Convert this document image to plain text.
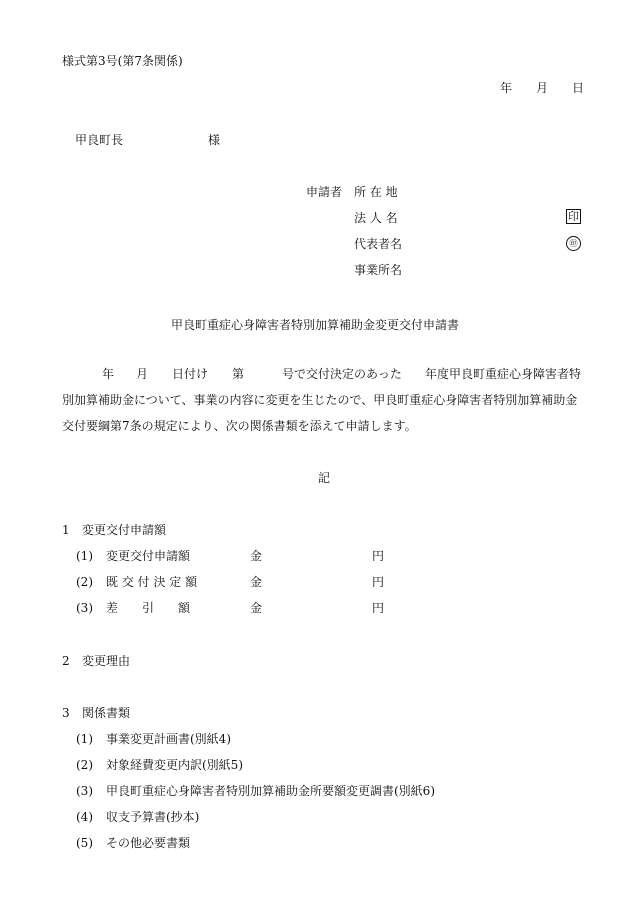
様式第3号(第7条関係)
年 月 日
甲良町長	様
申請者 所 在 地
法 人 名	印
代表者名	㊞
事業所名
甲良町重症心身障害者特別加算補助金変更交付申請書
年 月 日付け 第	号で交付決定のあった 年度甲良町重症心身障害者特
別加算補助金について、事業の内容に変更を生じたので、甲良町重症心身障害者特別加算補助金
交付要綱第7条の規定により、次の関係書類を添えて申請します。
記
1 変更交付申請額
(1) 変更交付申請額	金	円
(2) 既 交 付 決 定 額	金	円
(3) 差　　引　　額	金	円
2 変更理由
3 関係書類
(1) 事業変更計画書(別紙4)
(2) 対象経費変更内訳(別紙5)
(3) 甲良町重症心身障害者特別加算補助金所要額変更調書(別紙6)
(4) 収支予算書(抄本)
(5) その他必要書類
